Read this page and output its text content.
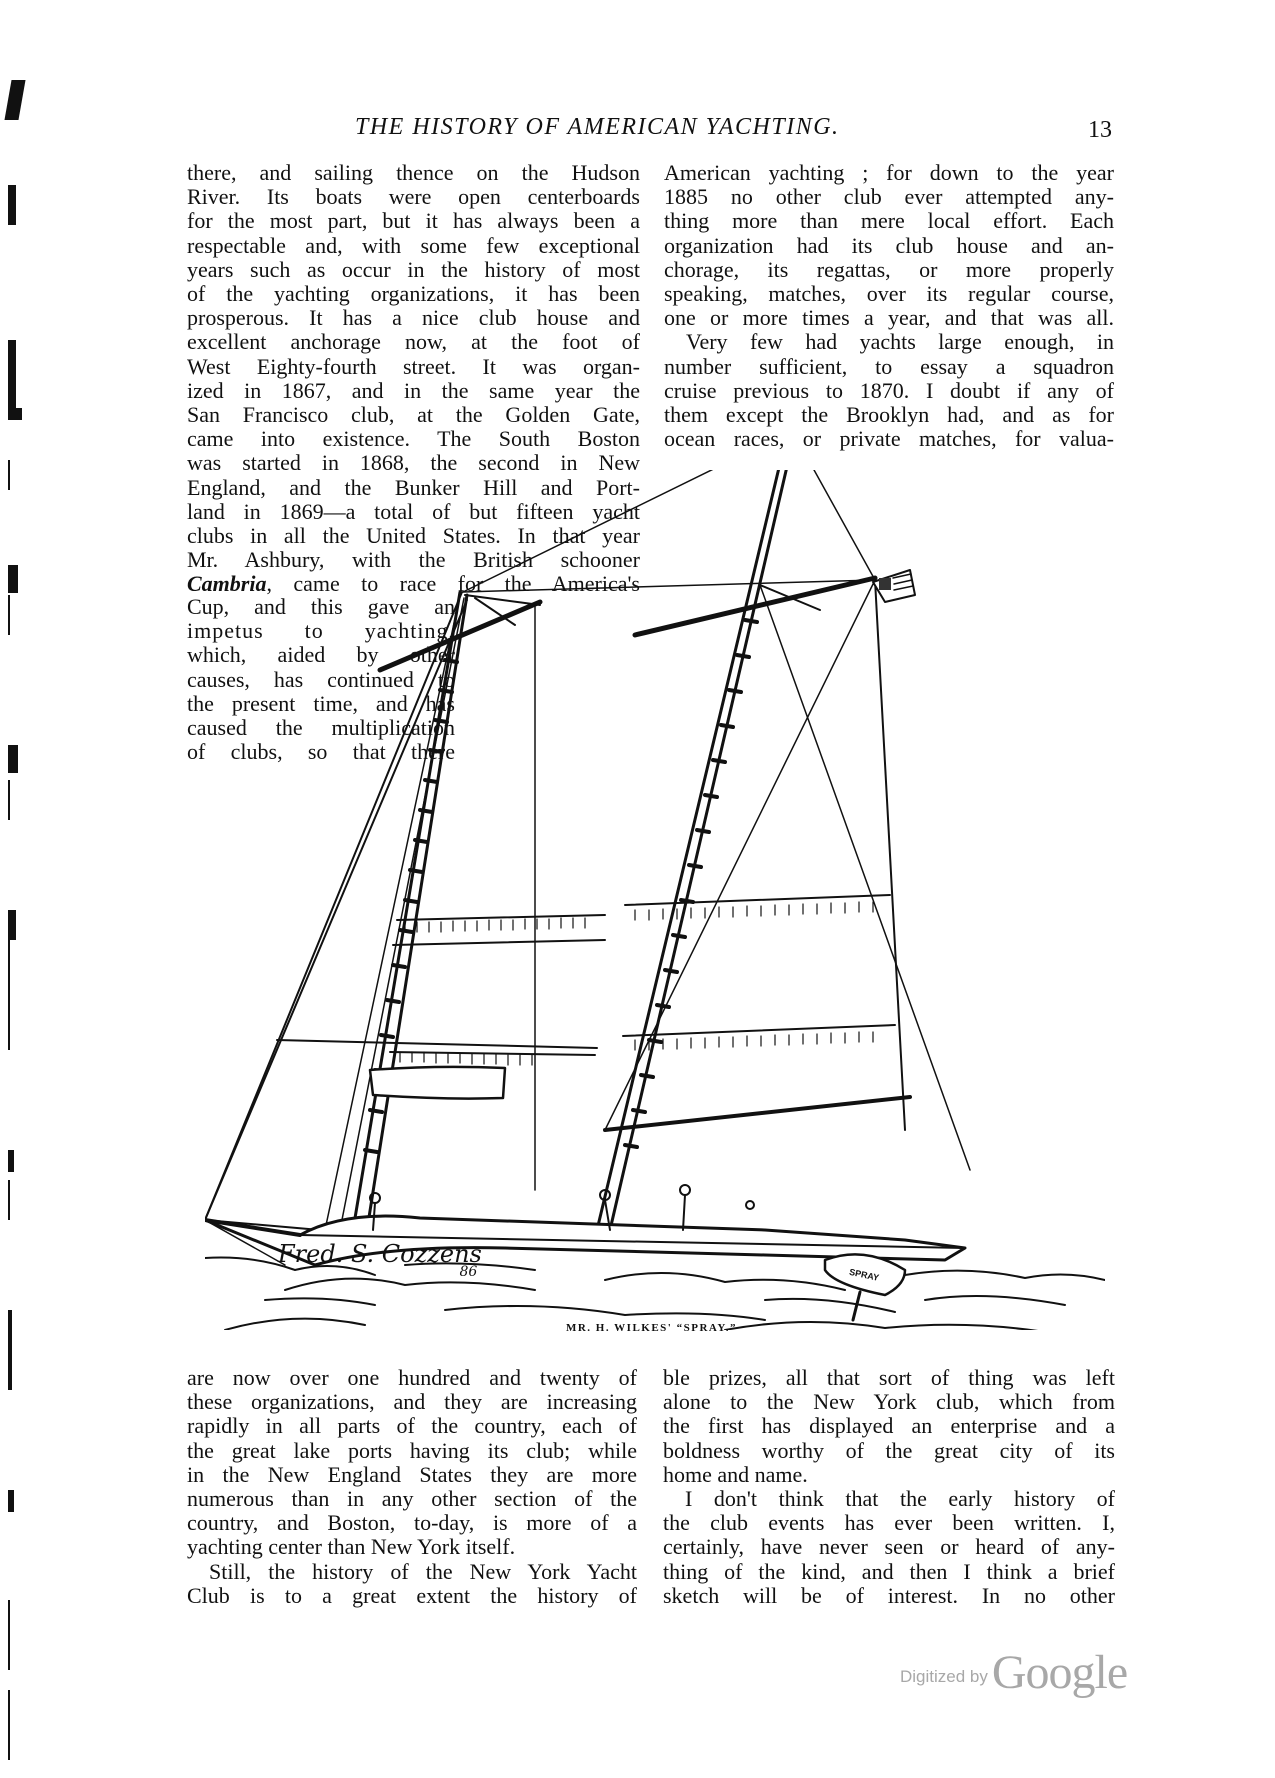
THE HISTORY OF AMERICAN YACHTING.	13
there, and sailing thence on the Hudson
River. Its boats were open centerboards
for the most part, but it has always been a
respectable and, with some few exceptional
years such as occur in the history of most
of the yachting organizations, it has been
prosperous. It has a nice club house and
excellent anchorage now, at the foot of
West Eighty-fourth street. It was organ-
ized in 1867, and in the same year the
San Francisco club, at the Golden Gate,
came into existence. The South Boston
was started in 1868, the second in New
England, and the Bunker Hill and Port-
land in 1869—a total of but fifteen yacht
clubs in all the United States. In that year
Mr. Ashbury, with the British schooner
Cambria, came to race for the America's
Cup, and this gave an
impetus to yachting,
which, aided by other
causes, has continued to
the present time, and has
caused the multiplication
of clubs, so that there
American yachting ; for down to the year
1885 no other club ever attempted any-
thing more than mere local effort. Each
organization had its club house and an-
chorage, its regattas, or more properly
speaking, matches, over its regular course,
one or more times a year, and that was all.
Very few had yachts large enough, in
number sufficient, to essay a squadron
cruise previous to 1870. I doubt if any of
them except the Brooklyn had, and as for
ocean races, or private matches, for valua-
SPRAY
Fred. S. Cozzens $_{86}$
MR. H. WILKES' “SPRAY.”
are now over one hundred and twenty of
these organizations, and they are increasing
rapidly in all parts of the country, each of
the great lake ports having its club; while
in the New England States they are more
numerous than in any other section of the
country, and Boston, to-day, is more of a
yachting center than New York itself.
Still, the history of the New York Yacht
Club is to a great extent the history of
ble prizes, all that sort of thing was left
alone to the New York club, which from
the first has displayed an enterprise and a
boldness worthy of the great city of its
home and name.
I don't think that the early history of
the club events has ever been written. I,
certainly, have never seen or heard of any-
thing of the kind, and then I think a brief
sketch will be of interest. In no other
Digitized by Google
